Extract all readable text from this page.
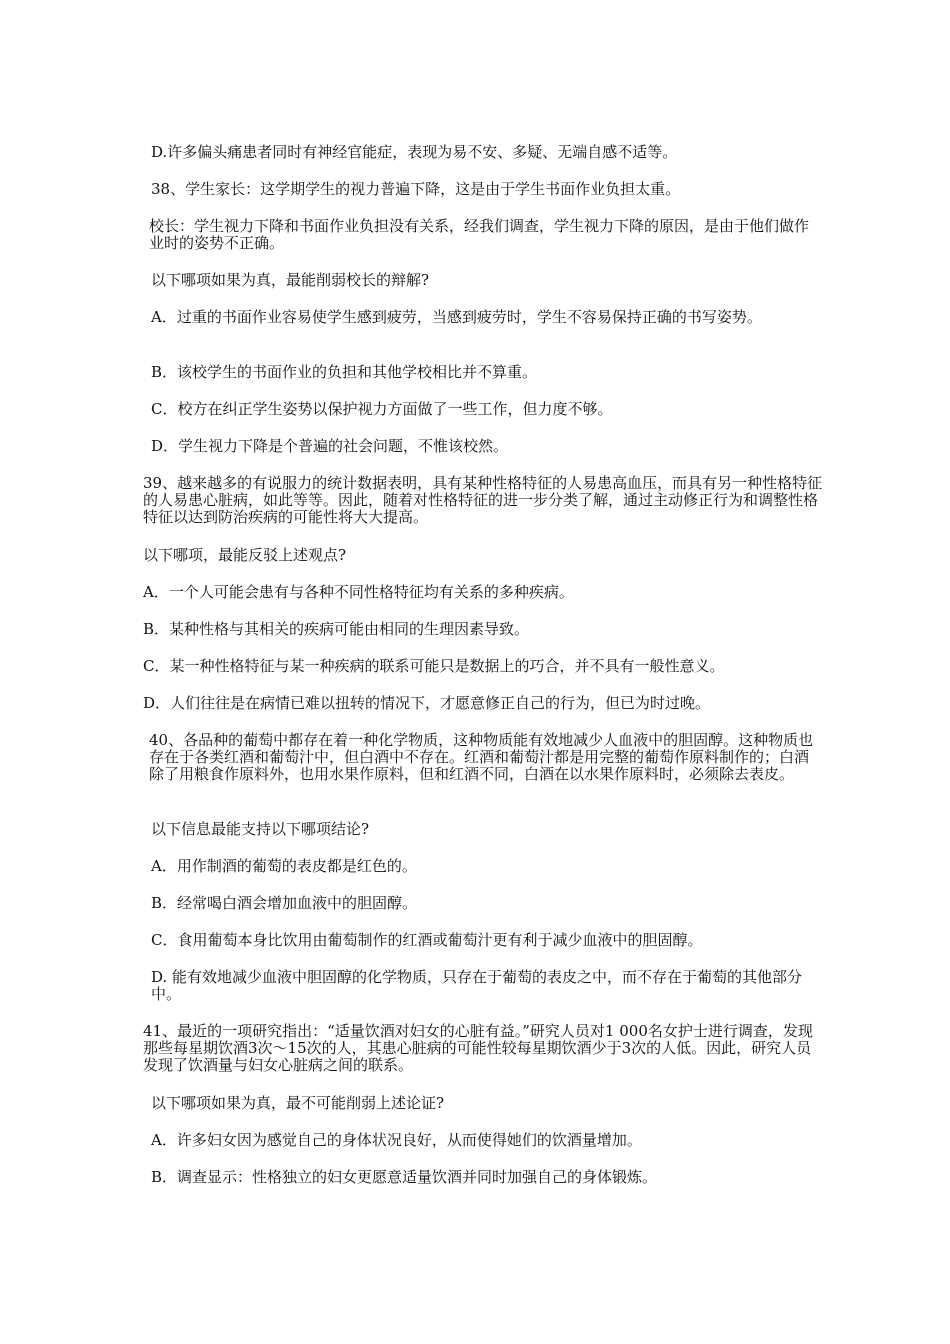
D.许多偏头痛患者同时有神经官能症，表现为易不安、多疑、无端自感不适等。
38、学生家长：这学期学生的视力普遍下降，这是由于学生书面作业负担太重。
校长：学生视力下降和书面作业负担没有关系，经我们调查，学生视力下降的原因，是由于他们做作业时的姿势不正确。
以下哪项如果为真，最能削弱校长的辩解?
A．过重的书面作业容易使学生感到疲劳，当感到疲劳时，学生不容易保持正确的书写姿势。
B．该校学生的书面作业的负担和其他学校相比并不算重。
C．校方在纠正学生姿势以保护视力方面做了一些工作，但力度不够。
D．学生视力下降是个普遍的社会问题，不惟该校然。
39、越来越多的有说服力的统计数据表明，具有某种性格特征的人易患高血压，而具有另一种性格特征的人易患心脏病，如此等等。因此，随着对性格特征的进一步分类了解，通过主动修正行为和调整性格特征以达到防治疾病的可能性将大大提高。
以下哪项，最能反驳上述观点?
A．一个人可能会患有与各种不同性格特征均有关系的多种疾病。
B．某种性格与其相关的疾病可能由相同的生理因素导致。
C．某一种性格特征与某一种疾病的联系可能只是数据上的巧合，并不具有一般性意义。
D．人们往往是在病情已难以扭转的情况下，才愿意修正自己的行为，但已为时过晚。
40、各品种的葡萄中都存在着一种化学物质，这种物质能有效地减少人血液中的胆固醇。这种物质也存在于各类红酒和葡萄汁中，但白酒中不存在。红酒和葡萄汁都是用完整的葡萄作原料制作的；白酒除了用粮食作原料外，也用水果作原料，但和红酒不同，白酒在以水果作原料时，必须除去表皮。
以下信息最能支持以下哪项结论?
A．用作制酒的葡萄的表皮都是红色的。
B．经常喝白酒会增加血液中的胆固醇。
C．食用葡萄本身比饮用由葡萄制作的红酒或葡萄汁更有利于减少血液中的胆固醇。
D. 能有效地减少血液中胆固醇的化学物质，只存在于葡萄的表皮之中，而不存在于葡萄的其他部分中。
41、最近的一项研究指出：“适量饮酒对妇女的心脏有益。”研究人员对1 000名女护士进行调查，发现那些每星期饮酒3次～15次的人，其患心脏病的可能性较每星期饮酒少于3次的人低。因此，研究人员发现了饮酒量与妇女心脏病之间的联系。
以下哪项如果为真，最不可能削弱上述论证?
A．许多妇女因为感觉自己的身体状况良好，从而使得她们的饮酒量增加。
B．调查显示：性格独立的妇女更愿意适量饮酒并同时加强自己的身体锻炼。
